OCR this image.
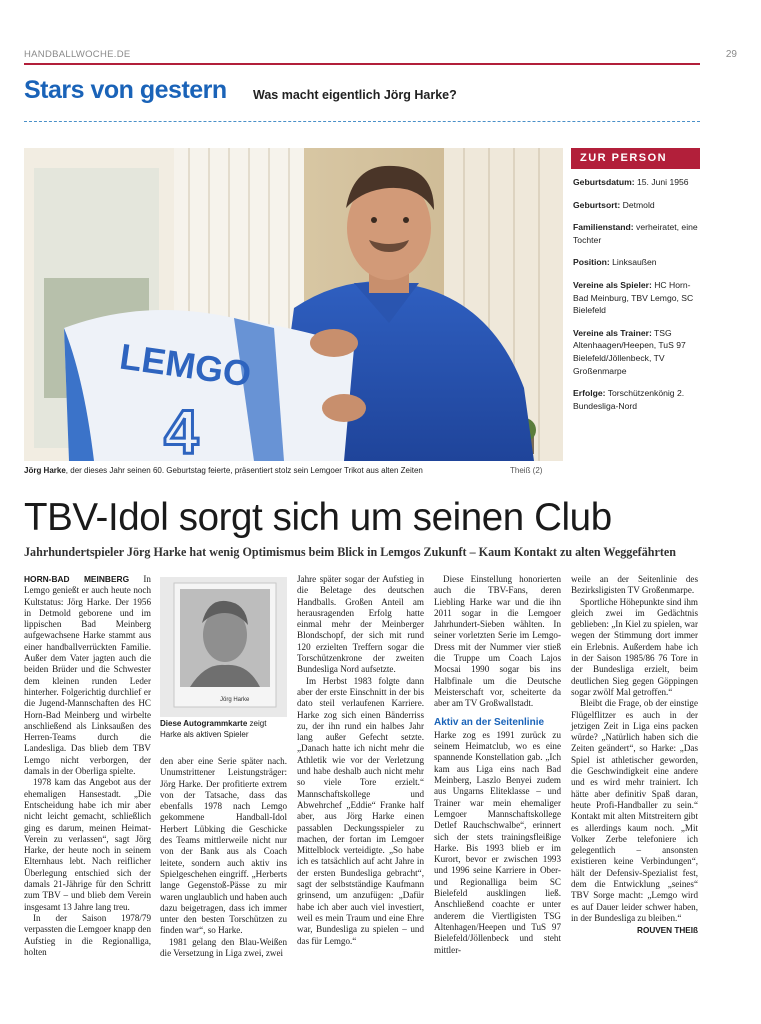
HANDBALLWOCHE.DE	29
Stars von gestern Was macht eigentlich Jörg Harke?
LEMGO
4
Jörg Harke, der dieses Jahr seinen 60. Geburtstag feierte, präsentiert stolz sein Lemgoer Trikot aus alten Zeiten	Theiß (2)
ZUR PERSON
Geburtsdatum: 15. Juni 1956
Geburtsort: Detmold
Familienstand: verheiratet, eine Tochter
Position: Linksaußen
Vereine als Spieler: HC Horn-Bad Meinburg, TBV Lemgo, SC Bielefeld
Vereine als Trainer: TSG Altenhaagen/Heepen, TuS 97 Bielefeld/Jöllenbeck, TV Großenmarpe
Erfolge: Torschützenkönig 2. Bundesliga-Nord
TBV-Idol sorgt sich um seinen Club
Jahrhundertspieler Jörg Harke hat wenig Optimismus beim Blick in Lemgos Zukunft – Kaum Kontakt zu alten Weggefährten

HORN-BAD MEINBERG In Lemgo genießt er auch heute noch Kultstatus: Jörg Harke. Der 1956 in Detmold geborene und im lippischen Bad Meinberg aufgewachsene Harke stammt aus einer handballverrückten Familie. Außer dem Vater jagten auch die beiden Brüder und die Schwester dem kleinen runden Leder hinterher. Folgerichtig durchlief er die Jugend-Mannschaften des HC Horn-Bad Meinberg und wirbelte anschließend als Linksaußen des Herren-Teams durch die Landesliga. Das blieb dem TBV Lemgo nicht verborgen, der damals in der Oberliga spielte.

1978 kam das Angebot aus der ehemaligen Hansestadt. „Die Entscheidung habe ich mir aber nicht leicht gemacht, schließlich ging es darum, meinen Heimat-Verein zu verlassen“, sagt Jörg Harke, der heute noch in seinem Elternhaus lebt. Nach reiflicher Überlegung entschied sich der damals 21-Jährige für den Schritt zum TBV – und blieb dem Verein insgesamt 13 Jahre lang treu.

In der Saison 1978/79 verpassten die Lemgoer knapp den Aufstieg in die Regionalliga, holten

Jörg Harke
Diese Autogrammkarte zeigt Harke als aktiven Spieler

den aber eine Serie später nach. Unumstrittener Leistungsträger: Jörg Harke. Der profitierte extrem von der Tatsache, dass das ebenfalls 1978 nach Lemgo gekommene Handball-Idol Herbert Lübking die Geschicke des Teams mittlerweile nicht nur von der Bank aus als Coach leitete, sondern auch aktiv ins Spielgeschehen eingriff. „Herberts lange Gegenstoß-Pässe zu mir waren unglaublich und haben auch dazu beigetragen, dass ich immer unter den besten Torschützen zu finden war“, so Harke.

1981 gelang den Blau-Weißen die Versetzung in Liga zwei, zwei

Jahre später sogar der Aufstieg in die Beletage des deutschen Handballs. Großen Anteil am herausragenden Erfolg hatte einmal mehr der Meinberger Blondschopf, der sich mit rund 120 erzielten Treffern sogar die Torschützenkrone der zweiten Bundesliga Nord aufsetzte.

Im Herbst 1983 folgte dann aber der erste Einschnitt in der bis dato steil verlaufenen Karriere. Harke zog sich einen Bänderriss zu, der ihn rund ein halbes Jahr lang außer Gefecht setzte. „Danach hatte ich nicht mehr die Athletik wie vor der Verletzung und habe deshalb auch nicht mehr so viele Tore erzielt.“ Mannschaftskollege und Abwehrchef „Eddie“ Franke half aber, aus Jörg Harke einen passablen Deckungsspieler zu machen, der fortan im Lemgoer Mittelblock verteidigte. „So habe ich es tatsächlich auf acht Jahre in der ersten Bundesliga gebracht“, sagt der selbstständige Kaufmann grinsend, um anzufügen: „Dafür habe ich aber auch viel investiert, weil es mein Traum und eine Ehre war, Bundesliga zu spielen – und das für Lemgo.“

Diese Einstellung honorierten auch die TBV-Fans, deren Liebling Harke war und die ihn 2011 sogar in die Lemgoer Jahrhundert-Sieben wählten. In seiner vorletzten Serie im Lemgo-Dress mit der Nummer vier stieß die Truppe um Coach Lajos Mocsai 1990 sogar bis ins Halbfinale um die Deutsche Meisterschaft vor, scheiterte da aber am TV Großwallstadt.

Aktiv an der Seitenlinie

Harke zog es 1991 zurück zu seinem Heimatclub, wo es eine spannende Konstellation gab. „Ich kam aus Liga eins nach Bad Meinberg, Laszlo Benyei zudem aus Ungarns Eliteklasse – und Trainer war mein ehemaliger Lemgoer Mannschaftskollege Detlef Rauchschwalbe“, erinnert sich der stets trainingsfleißige Harke. Bis 1993 blieb er im Kurort, bevor er zwischen 1993 und 1996 seine Karriere in Ober- und Regionalliga beim SC Bielefeld ausklingen ließ. Anschließend coachte er unter anderem die Viertligisten TSG Altenhagen/Heepen und TuS 97 Bielefeld/Jöllenbeck und steht mittler-

weile an der Seitenlinie des Bezirksligisten TV Großenmarpe.

Sportliche Höhepunkte sind ihm gleich zwei im Gedächtnis geblieben: „In Kiel zu spielen, war wegen der Stimmung dort immer ein Erlebnis. Außerdem habe ich in der Saison 1985/86 76 Tore in der Bundesliga erzielt, beim deutlichen Sieg gegen Göppingen sogar zwölf Mal getroffen.“

Bleibt die Frage, ob der einstige Flügelflitzer es auch in der jetzigen Zeit in Liga eins packen würde? „Natürlich haben sich die Zeiten geändert“, so Harke: „Das Spiel ist athletischer geworden, die Geschwindigkeit eine andere und es wird mehr trainiert. Ich hätte aber definitiv Spaß daran, heute Profi-Handballer zu sein.“ Kontakt mit alten Mitstreitern gibt es allerdings kaum noch. „Mit Volker Zerbe telefoniere ich gelegentlich – ansonsten existieren keine Verbindungen“, hält der Defensiv-Spezialist fest, dem die Entwicklung „seines“ TBV Sorge macht: „Lemgo wird es auf Dauer leider schwer haben, in der Bundesliga zu bleiben.“

ROUVEN THEIß
